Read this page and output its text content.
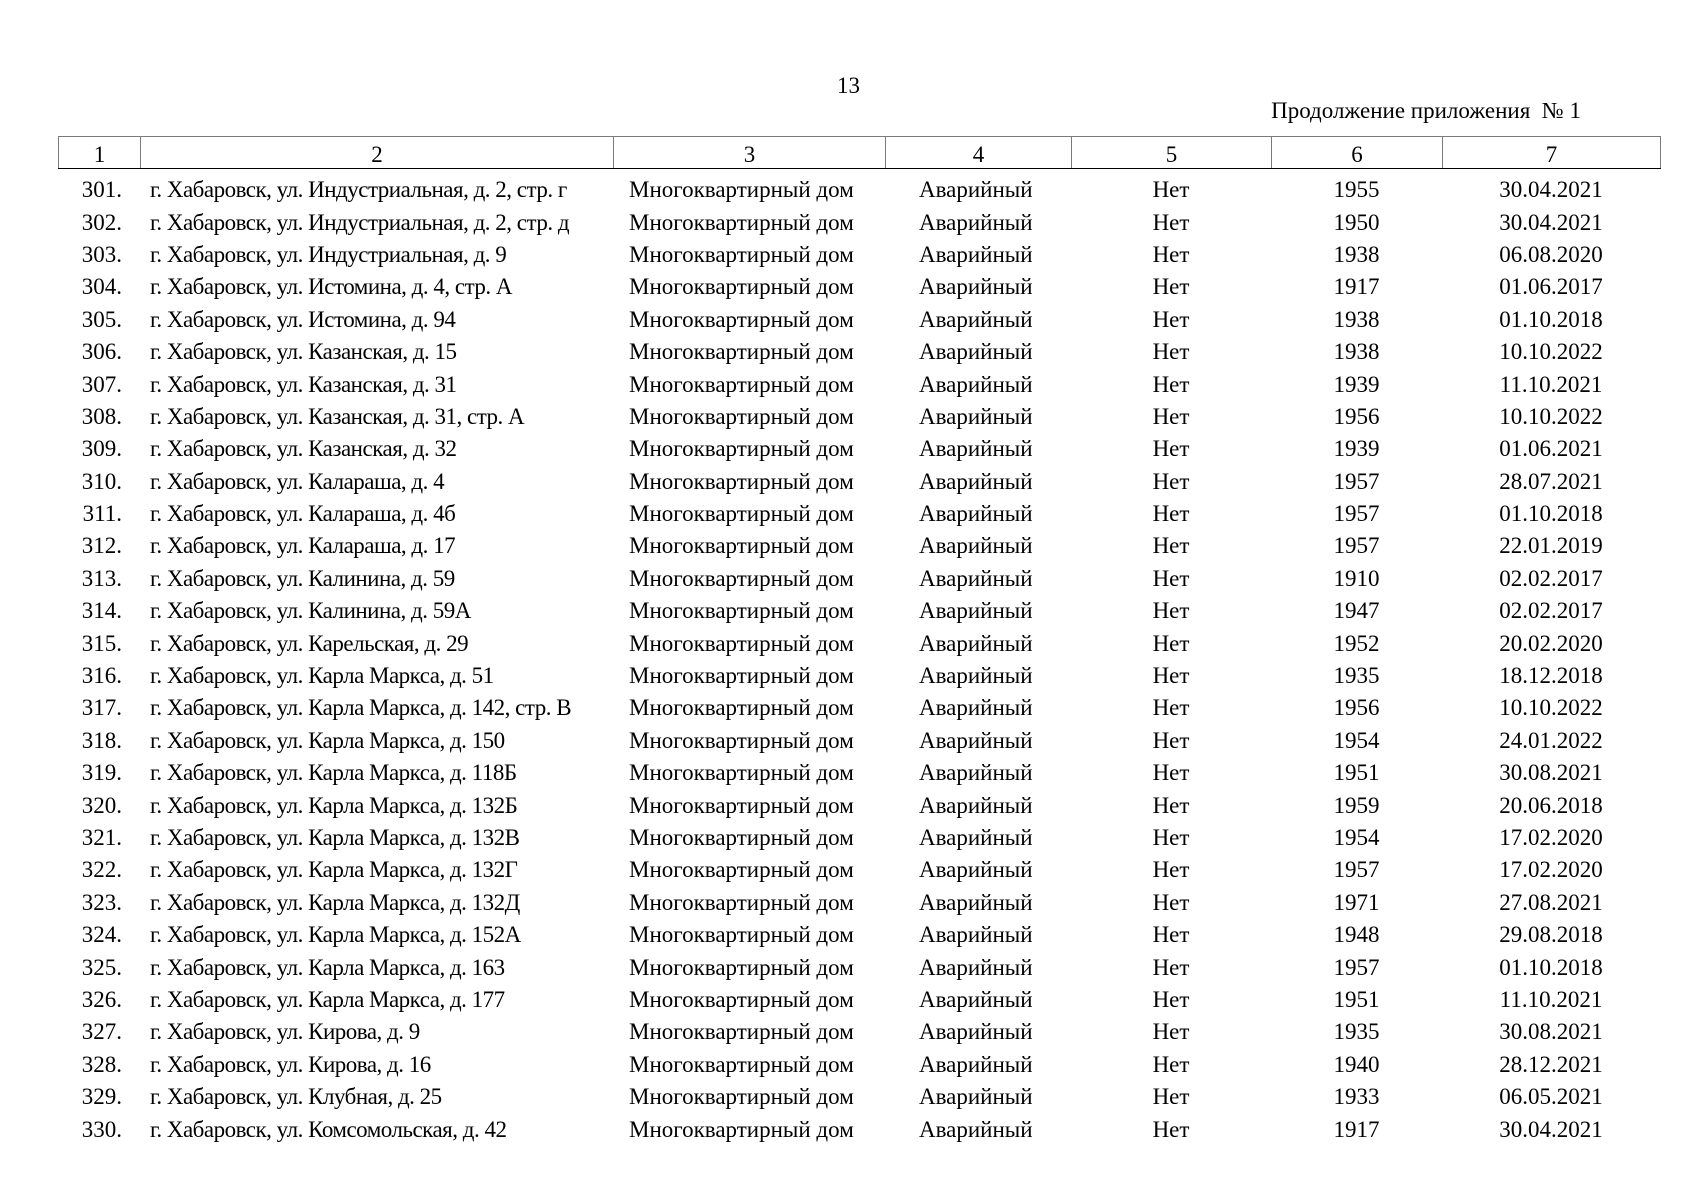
13
Продолжение приложения  № 1
1	2	3	4	5	6	7
301.	г. Хабаровск, ул. Индустриальная, д. 2, стр. г	Многоквартирный дом	Аварийный	Нет	1955	30.04.2021
302.	г. Хабаровск, ул. Индустриальная, д. 2, стр. д	Многоквартирный дом	Аварийный	Нет	1950	30.04.2021
303.	г. Хабаровск, ул. Индустриальная, д. 9	Многоквартирный дом	Аварийный	Нет	1938	06.08.2020
304.	г. Хабаровск, ул. Истомина, д. 4, стр. А	Многоквартирный дом	Аварийный	Нет	1917	01.06.2017
305.	г. Хабаровск, ул. Истомина, д. 94	Многоквартирный дом	Аварийный	Нет	1938	01.10.2018
306.	г. Хабаровск, ул. Казанская, д. 15	Многоквартирный дом	Аварийный	Нет	1938	10.10.2022
307.	г. Хабаровск, ул. Казанская, д. 31	Многоквартирный дом	Аварийный	Нет	1939	11.10.2021
308.	г. Хабаровск, ул. Казанская, д. 31, стр. А	Многоквартирный дом	Аварийный	Нет	1956	10.10.2022
309.	г. Хабаровск, ул. Казанская, д. 32	Многоквартирный дом	Аварийный	Нет	1939	01.06.2021
310.	г. Хабаровск, ул. Калараша, д. 4	Многоквартирный дом	Аварийный	Нет	1957	28.07.2021
311.	г. Хабаровск, ул. Калараша, д. 4б	Многоквартирный дом	Аварийный	Нет	1957	01.10.2018
312.	г. Хабаровск, ул. Калараша, д. 17	Многоквартирный дом	Аварийный	Нет	1957	22.01.2019
313.	г. Хабаровск, ул. Калинина, д. 59	Многоквартирный дом	Аварийный	Нет	1910	02.02.2017
314.	г. Хабаровск, ул. Калинина, д. 59А	Многоквартирный дом	Аварийный	Нет	1947	02.02.2017
315.	г. Хабаровск, ул. Карельская, д. 29	Многоквартирный дом	Аварийный	Нет	1952	20.02.2020
316.	г. Хабаровск, ул. Карла Маркса, д. 51	Многоквартирный дом	Аварийный	Нет	1935	18.12.2018
317.	г. Хабаровск, ул. Карла Маркса, д. 142, стр. В	Многоквартирный дом	Аварийный	Нет	1956	10.10.2022
318.	г. Хабаровск, ул. Карла Маркса, д. 150	Многоквартирный дом	Аварийный	Нет	1954	24.01.2022
319.	г. Хабаровск, ул. Карла Маркса, д. 118Б	Многоквартирный дом	Аварийный	Нет	1951	30.08.2021
320.	г. Хабаровск, ул. Карла Маркса, д. 132Б	Многоквартирный дом	Аварийный	Нет	1959	20.06.2018
321.	г. Хабаровск, ул. Карла Маркса, д. 132В	Многоквартирный дом	Аварийный	Нет	1954	17.02.2020
322.	г. Хабаровск, ул. Карла Маркса, д. 132Г	Многоквартирный дом	Аварийный	Нет	1957	17.02.2020
323.	г. Хабаровск, ул. Карла Маркса, д. 132Д	Многоквартирный дом	Аварийный	Нет	1971	27.08.2021
324.	г. Хабаровск, ул. Карла Маркса, д. 152А	Многоквартирный дом	Аварийный	Нет	1948	29.08.2018
325.	г. Хабаровск, ул. Карла Маркса, д. 163	Многоквартирный дом	Аварийный	Нет	1957	01.10.2018
326.	г. Хабаровск, ул. Карла Маркса, д. 177	Многоквартирный дом	Аварийный	Нет	1951	11.10.2021
327.	г. Хабаровск, ул. Кирова, д. 9	Многоквартирный дом	Аварийный	Нет	1935	30.08.2021
328.	г. Хабаровск, ул. Кирова, д. 16	Многоквартирный дом	Аварийный	Нет	1940	28.12.2021
329.	г. Хабаровск, ул. Клубная, д. 25	Многоквартирный дом	Аварийный	Нет	1933	06.05.2021
330.	г. Хабаровск, ул. Комсомольская, д. 42	Многоквартирный дом	Аварийный	Нет	1917	30.04.2021
